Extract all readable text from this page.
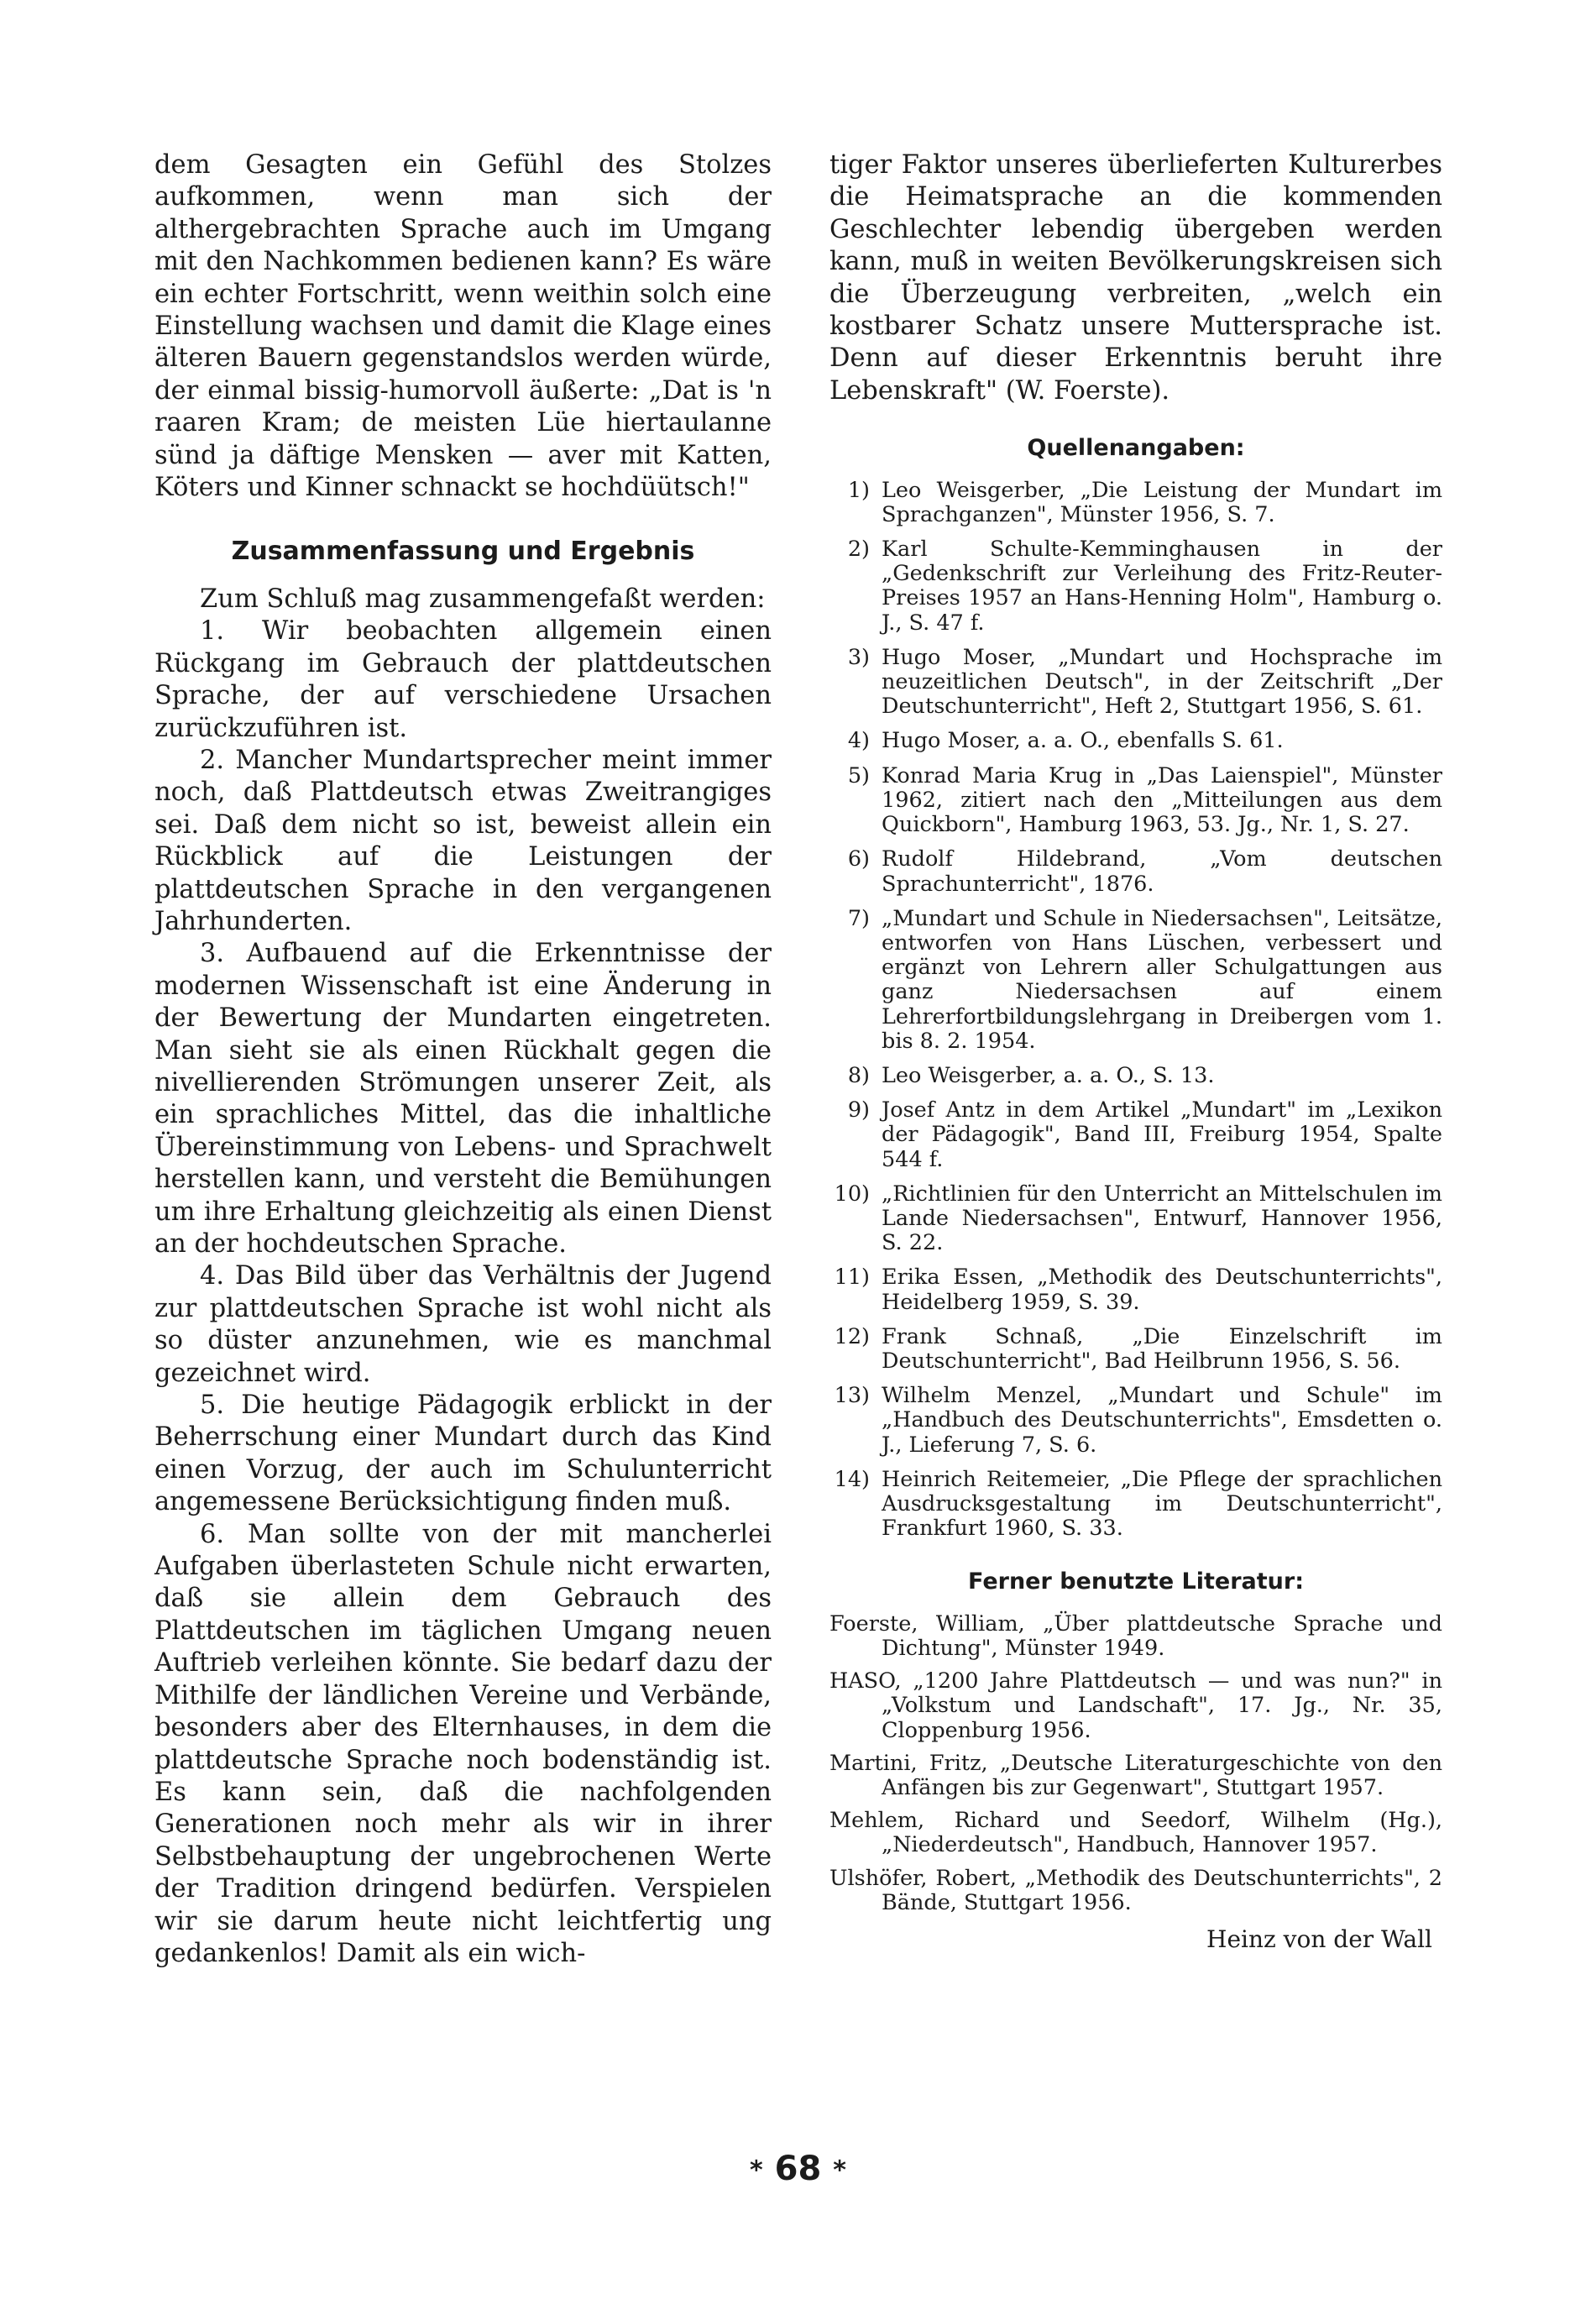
dem Gesagten ein Gefühl des Stolzes aufkommen, wenn man sich der althergebrachten Sprache auch im Umgang mit den Nachkommen bedienen kann? Es wäre ein echter Fortschritt, wenn weithin solch eine Einstellung wachsen und damit die Klage eines älteren Bauern gegenstandslos werden würde, der einmal bissig-humorvoll äußerte: „Dat is 'n raaren Kram; de meisten Lüe hiertaulanne sünd ja däftige Mensken — aver mit Katten, Köters und Kinner schnackt se hochdüütsch!"

Zusammenfassung und Ergebnis

Zum Schluß mag zusammengefaßt werden:

1. Wir beobachten allgemein einen Rückgang im Gebrauch der plattdeutschen Sprache, der auf verschiedene Ursachen zurückzuführen ist.

2. Mancher Mundartsprecher meint immer noch, daß Plattdeutsch etwas Zweitrangiges sei. Daß dem nicht so ist, beweist allein ein Rückblick auf die Leistungen der plattdeutschen Sprache in den vergangenen Jahrhunderten.

3. Aufbauend auf die Erkenntnisse der modernen Wissenschaft ist eine Änderung in der Bewertung der Mundarten eingetreten. Man sieht sie als einen Rückhalt gegen die nivellierenden Strömungen unserer Zeit, als ein sprachliches Mittel, das die inhaltliche Übereinstimmung von Lebens- und Sprachwelt herstellen kann, und versteht die Bemühungen um ihre Erhaltung gleichzeitig als einen Dienst an der hochdeutschen Sprache.

4. Das Bild über das Verhältnis der Jugend zur plattdeutschen Sprache ist wohl nicht als so düster anzunehmen, wie es manchmal gezeichnet wird.

5. Die heutige Pädagogik erblickt in der Beherrschung einer Mundart durch das Kind einen Vorzug, der auch im Schulunterricht angemessene Berücksichtigung finden muß.

6. Man sollte von der mit mancherlei Aufgaben überlasteten Schule nicht erwarten, daß sie allein dem Gebrauch des Plattdeutschen im täglichen Umgang neuen Auftrieb verleihen könnte. Sie bedarf dazu der Mithilfe der ländlichen Vereine und Verbände, besonders aber des Elternhauses, in dem die plattdeutsche Sprache noch bodenständig ist. Es kann sein, daß die nachfolgenden Generationen noch mehr als wir in ihrer Selbstbehauptung der ungebrochenen Werte der Tradition dringend bedürfen. Verspielen wir sie darum heute nicht leichtfertig ung gedankenlos! Damit als ein wich-

tiger Faktor unseres überlieferten Kulturerbes die Heimatsprache an die kommenden Geschlechter lebendig übergeben werden kann, muß in weiten Bevölkerungskreisen sich die Überzeugung verbreiten, „welch ein kostbarer Schatz unsere Muttersprache ist. Denn auf dieser Erkenntnis beruht ihre Lebenskraft" (W. Foerste).

Quellenangaben:

1) Leo Weisgerber, „Die Leistung der Mundart im Sprachganzen", Münster 1956, S. 7.
2) Karl Schulte-Kemminghausen in der „Gedenkschrift zur Verleihung des Fritz-Reuter-Preises 1957 an Hans-Henning Holm", Hamburg o. J., S. 47 f.
3) Hugo Moser, „Mundart und Hochsprache im neuzeitlichen Deutsch", in der Zeitschrift „Der Deutschunterricht", Heft 2, Stuttgart 1956, S. 61.
4) Hugo Moser, a. a. O., ebenfalls S. 61.
5) Konrad Maria Krug in „Das Laienspiel", Münster 1962, zitiert nach den „Mitteilungen aus dem Quickborn", Hamburg 1963, 53. Jg., Nr. 1, S. 27.
6) Rudolf Hildebrand, „Vom deutschen Sprachunterricht", 1876.
7) „Mundart und Schule in Niedersachsen", Leitsätze, entworfen von Hans Lüschen, verbessert und ergänzt von Lehrern aller Schulgattungen aus ganz Niedersachsen auf einem Lehrerfortbildungslehrgang in Dreibergen vom 1. bis 8. 2. 1954.
8) Leo Weisgerber, a. a. O., S. 13.
9) Josef Antz in dem Artikel „Mundart" im „Lexikon der Pädagogik", Band III, Freiburg 1954, Spalte 544 f.
10) „Richtlinien für den Unterricht an Mittelschulen im Lande Niedersachsen", Entwurf, Hannover 1956, S. 22.
11) Erika Essen, „Methodik des Deutschunterrichts", Heidelberg 1959, S. 39.
12) Frank Schnaß, „Die Einzelschrift im Deutschunterricht", Bad Heilbrunn 1956, S. 56.
13) Wilhelm Menzel, „Mundart und Schule" im „Handbuch des Deutschunterrichts", Emsdetten o. J., Lieferung 7, S. 6.
14) Heinrich Reitemeier, „Die Pflege der sprachlichen Ausdrucksgestaltung im Deutschunterricht", Frankfurt 1960, S. 33.

Ferner benutzte Literatur:

Foerste, William, „Über plattdeutsche Sprache und Dichtung", Münster 1949.

HASO, „1200 Jahre Plattdeutsch — und was nun?" in „Volkstum und Landschaft", 17. Jg., Nr. 35, Cloppenburg 1956.

Martini, Fritz, „Deutsche Literaturgeschichte von den Anfängen bis zur Gegenwart", Stuttgart 1957.

Mehlem, Richard und Seedorf, Wilhelm (Hg.), „Niederdeutsch", Handbuch, Hannover 1957.

Ulshöfer, Robert, „Methodik des Deutschunterrichts", 2 Bände, Stuttgart 1956.

Heinz von der Wall

* 68 *
